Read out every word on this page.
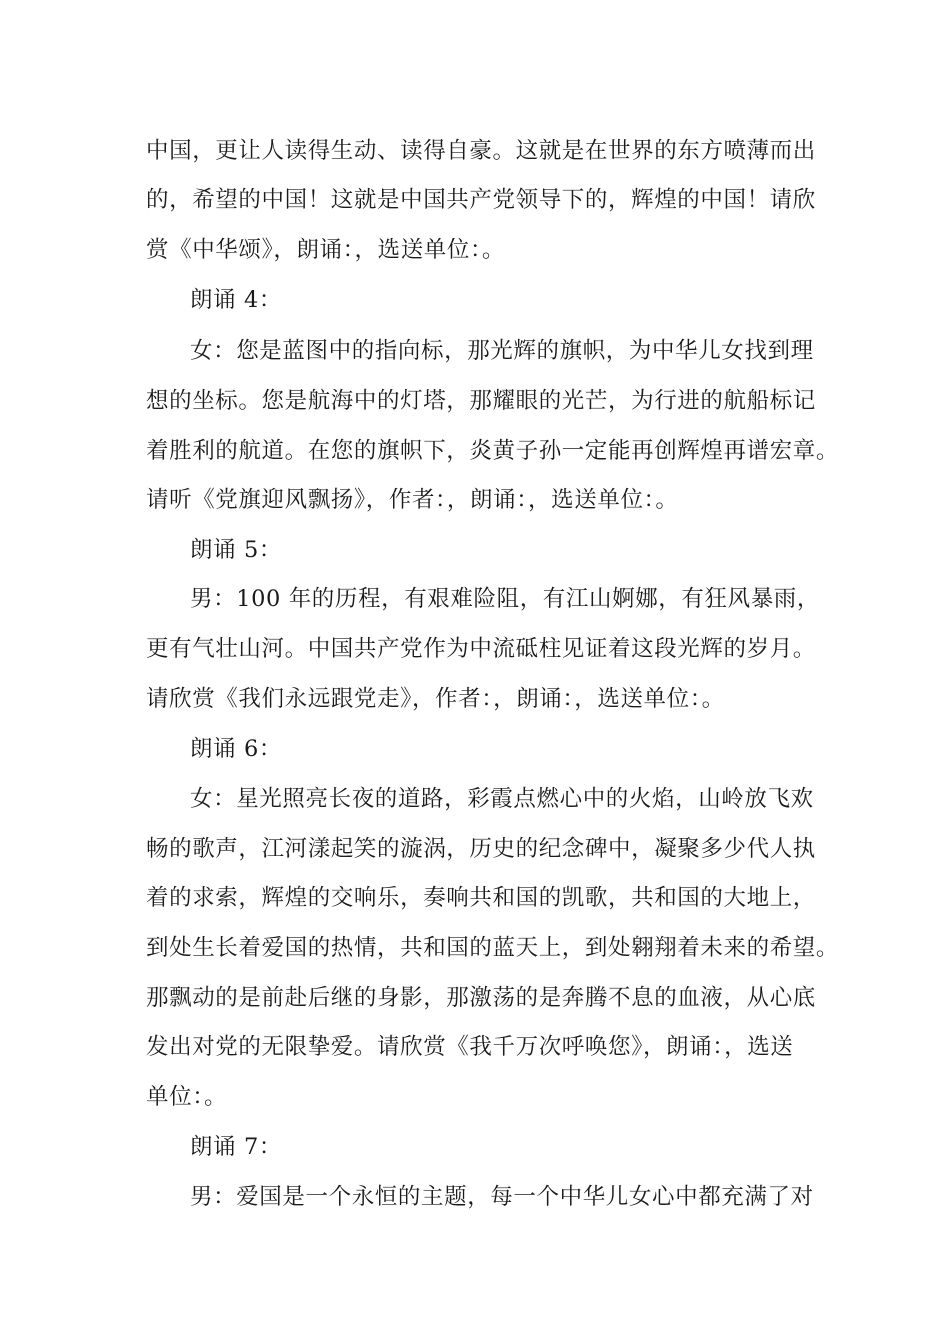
中国，更让人读得生动、读得自豪。这就是在世界的东方喷薄而出
的，希望的中国！这就是中国共产党领导下的，辉煌的中国！请欣
赏《中华颂》，朗诵：，选送单位：。
朗诵 4：
女：您是蓝图中的指向标，那光辉的旗帜，为中华儿女找到理
想的坐标。您是航海中的灯塔，那耀眼的光芒，为行进的航船标记
着胜利的航道。在您的旗帜下，炎黄子孙一定能再创辉煌再谱宏章。
请听《党旗迎风飘扬》，作者：，朗诵：，选送单位：。
朗诵 5：
男：100 年的历程，有艰难险阻，有江山婀娜，有狂风暴雨，
更有气壮山河。中国共产党作为中流砥柱见证着这段光辉的岁月。
请欣赏《我们永远跟党走》，作者：，朗诵：，选送单位：。
朗诵 6：
女：星光照亮长夜的道路，彩霞点燃心中的火焰，山岭放飞欢
畅的歌声，江河漾起笑的漩涡，历史的纪念碑中，凝聚多少代人执
着的求索，辉煌的交响乐，奏响共和国的凯歌，共和国的大地上，
到处生长着爱国的热情，共和国的蓝天上，到处翱翔着未来的希望。
那飘动的是前赴后继的身影，那激荡的是奔腾不息的血液，从心底
发出对党的无限挚爱。请欣赏《我千万次呼唤您》，朗诵：，选送
单位：。
朗诵 7：
男：爱国是一个永恒的主题，每一个中华儿女心中都充满了对
